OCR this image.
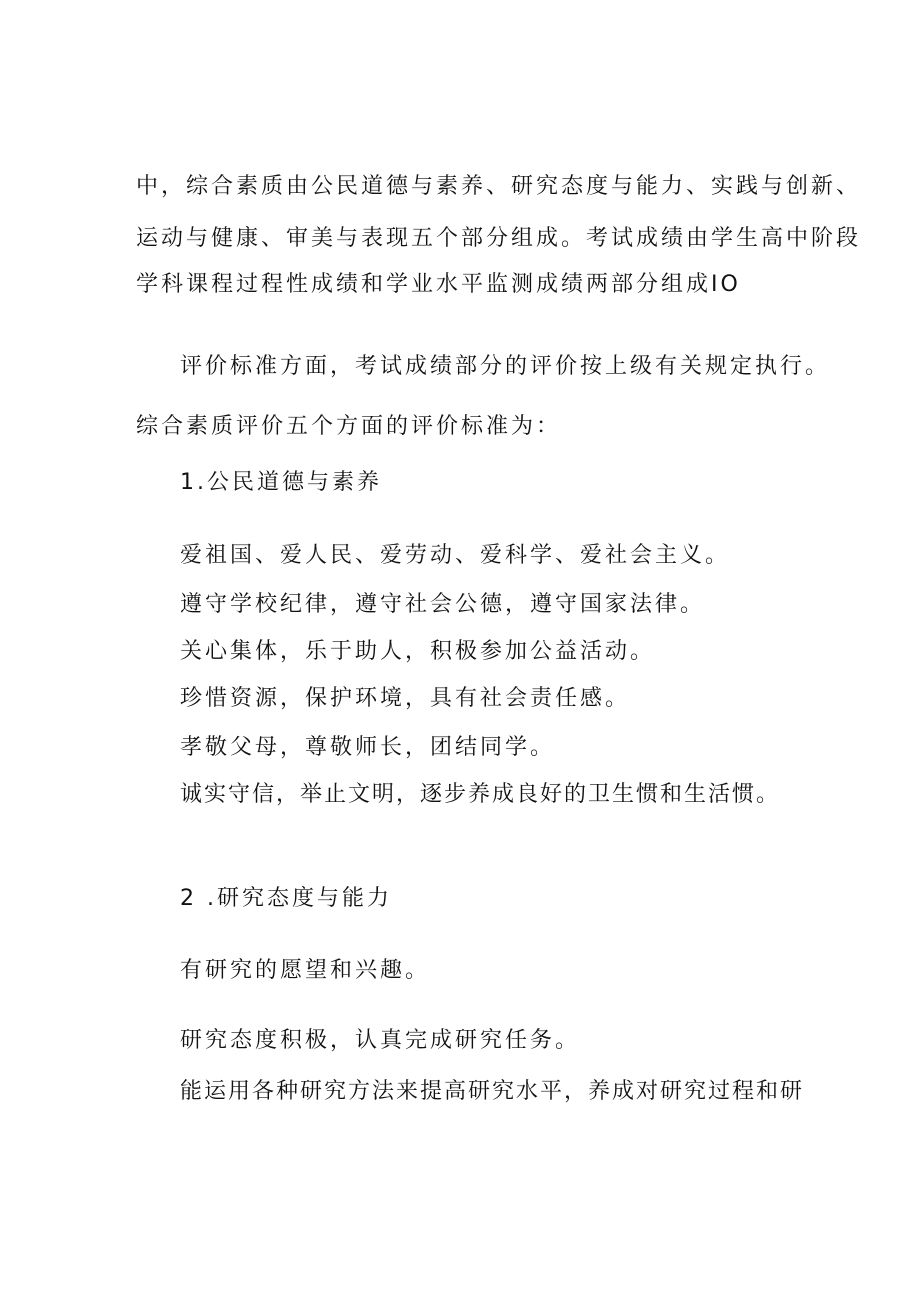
中，综合素质由公民道德与素养、研究态度与能力、实践与创新、
运动与健康、审美与表现五个部分组成。考试成绩由学生高中阶段
学科课程过程性成绩和学业水平监测成绩两部分组成IO
评价标准方面，考试成绩部分的评价按上级有关规定执行。
综合素质评价五个方面的评价标准为：
1.公民道德与素养
爱祖国、爱人民、爱劳动、爱科学、爱社会主义。
遵守学校纪律，遵守社会公德，遵守国家法律。
关心集体，乐于助人，积极参加公益活动。
珍惜资源，保护环境，具有社会责任感。
孝敬父母，尊敬师长，团结同学。
诚实守信，举止文明，逐步养成良好的卫生惯和生活惯。
2 .研究态度与能力
有研究的愿望和兴趣。
研究态度积极，认真完成研究任务。
能运用各种研究方法来提高研究水平，养成对研究过程和研
